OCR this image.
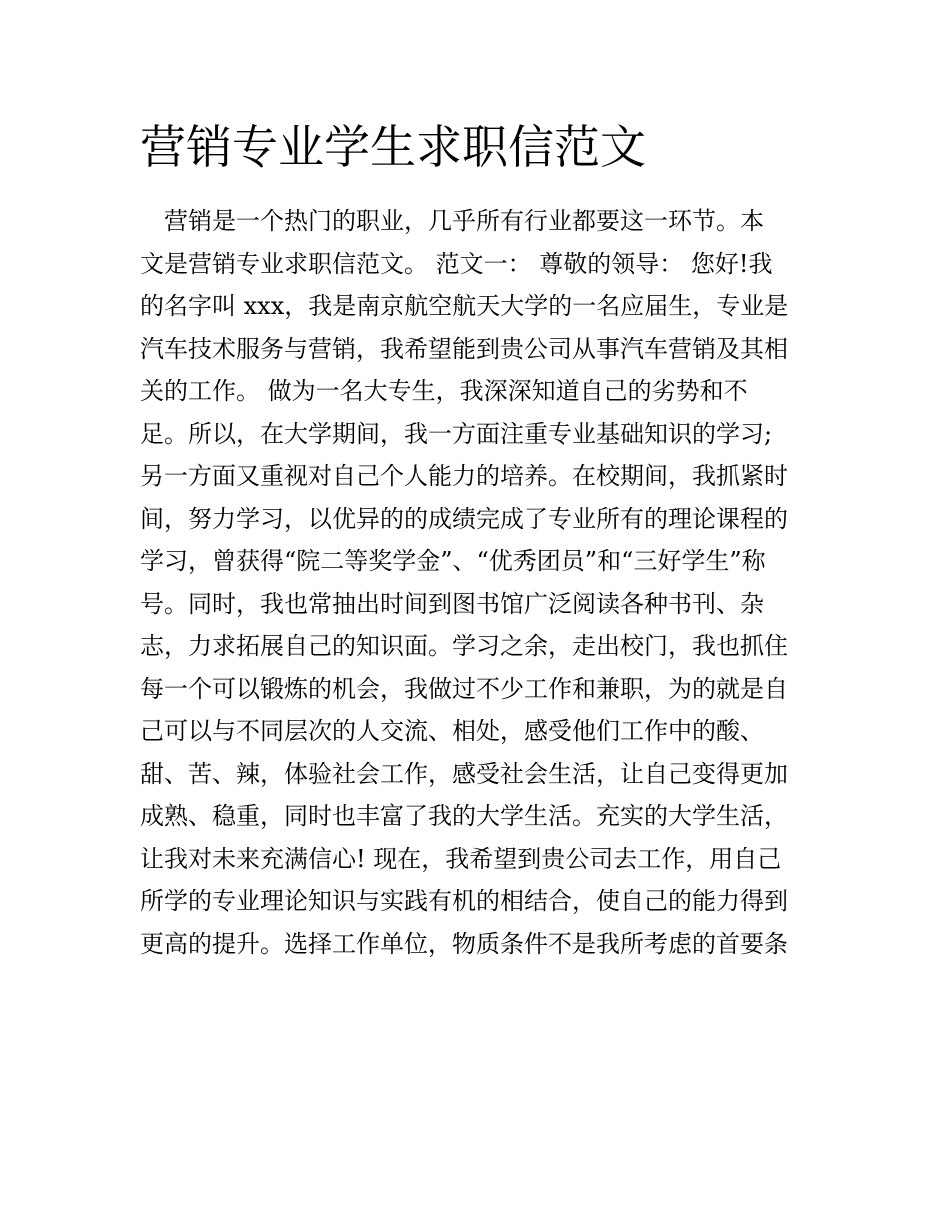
营销专业学生求职信范文
　营销是一个热门的职业，几乎所有行业都要这一环节。本
文是营销专业求职信范文。 范文一： 尊敬的领导： 您好!我
的名字叫 xxx，我是南京航空航天大学的一名应届生，专业是
汽车技术服务与营销，我希望能到贵公司从事汽车营销及其相
关的工作。 做为一名大专生，我深深知道自己的劣势和不
足。所以，在大学期间，我一方面注重专业基础知识的学习;
另一方面又重视对自己个人能力的培养。在校期间，我抓紧时
间，努力学习，以优异的的成绩完成了专业所有的理论课程的
学习，曾获得“院二等奖学金”、“优秀团员”和“三好学生”称
号。同时，我也常抽出时间到图书馆广泛阅读各种书刊、杂
志，力求拓展自己的知识面。学习之余，走出校门，我也抓住
每一个可以锻炼的机会，我做过不少工作和兼职，为的就是自
己可以与不同层次的人交流、相处，感受他们工作中的酸、
甜、苦、辣，体验社会工作，感受社会生活，让自己变得更加
成熟、稳重，同时也丰富了我的大学生活。充实的大学生活，
让我对未来充满信心! 现在，我希望到贵公司去工作，用自己
所学的专业理论知识与实践有机的相结合，使自己的能力得到
更高的提升。选择工作单位，物质条件不是我所考虑的首要条
